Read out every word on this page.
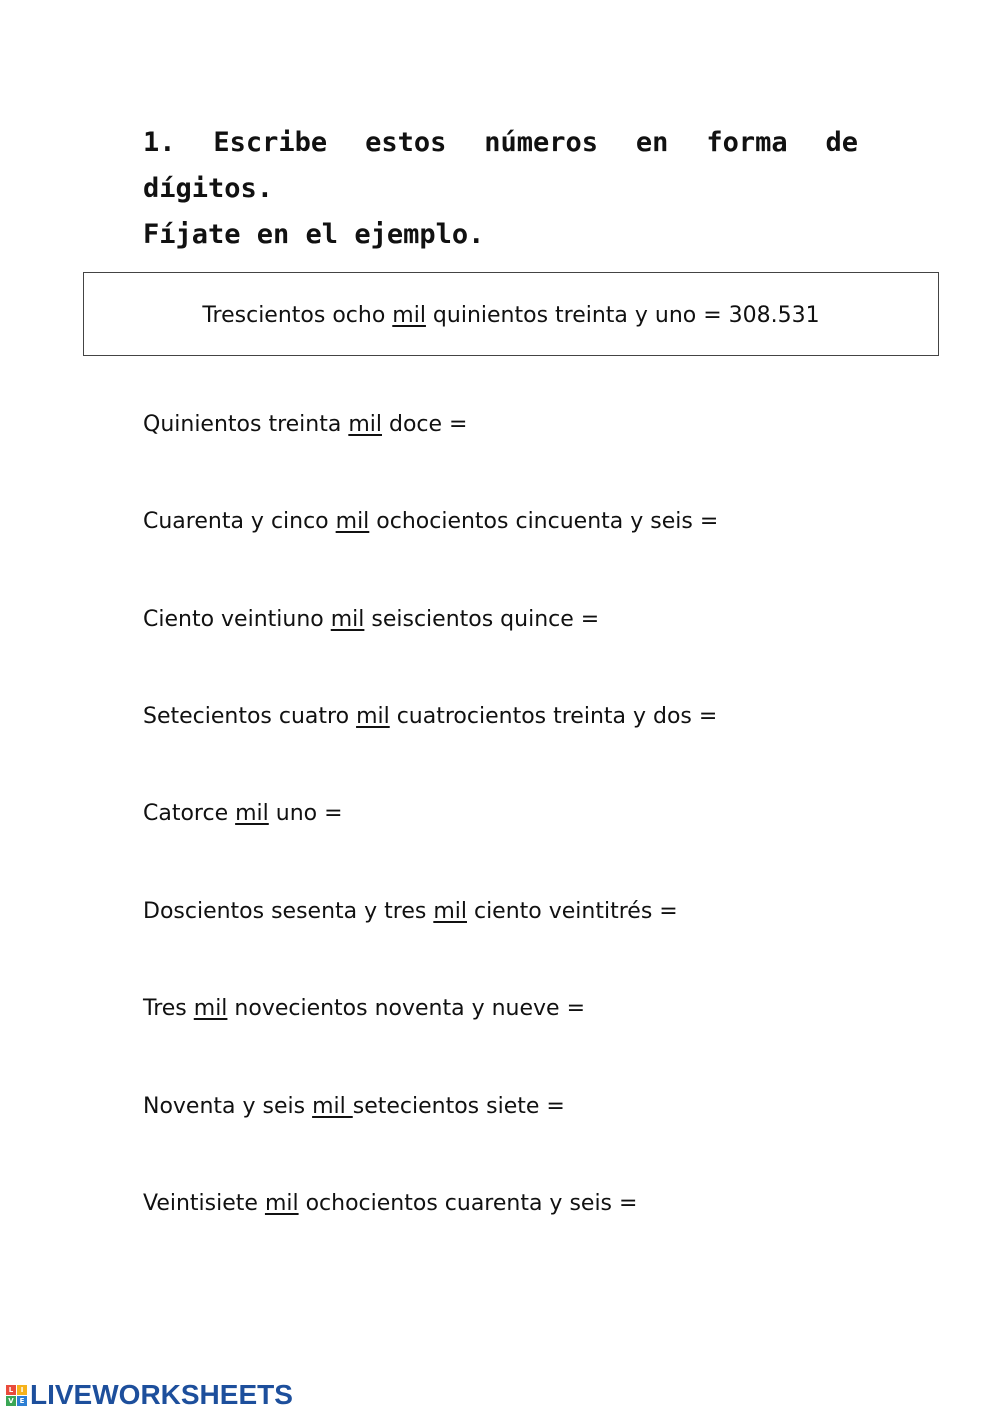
1. Escribe estos números en forma de dígitos.
Fíjate en el ejemplo.
Trescientos ocho mil quinientos treinta y uno = 308.531
Quinientos treinta mil doce =
Cuarenta y cinco mil ochocientos cincuenta y seis =
Ciento veintiuno mil seiscientos quince =
Setecientos cuatro mil cuatrocientos treinta y dos =
Catorce mil uno =
Doscientos sesenta y tres mil ciento veintitrés =
Tres mil novecientos noventa y nueve =
Noventa y seis mil setecientos siete =
Veintisiete mil ochocientos cuarenta y seis =
L	I
V E LIVEWORKSHEETS
